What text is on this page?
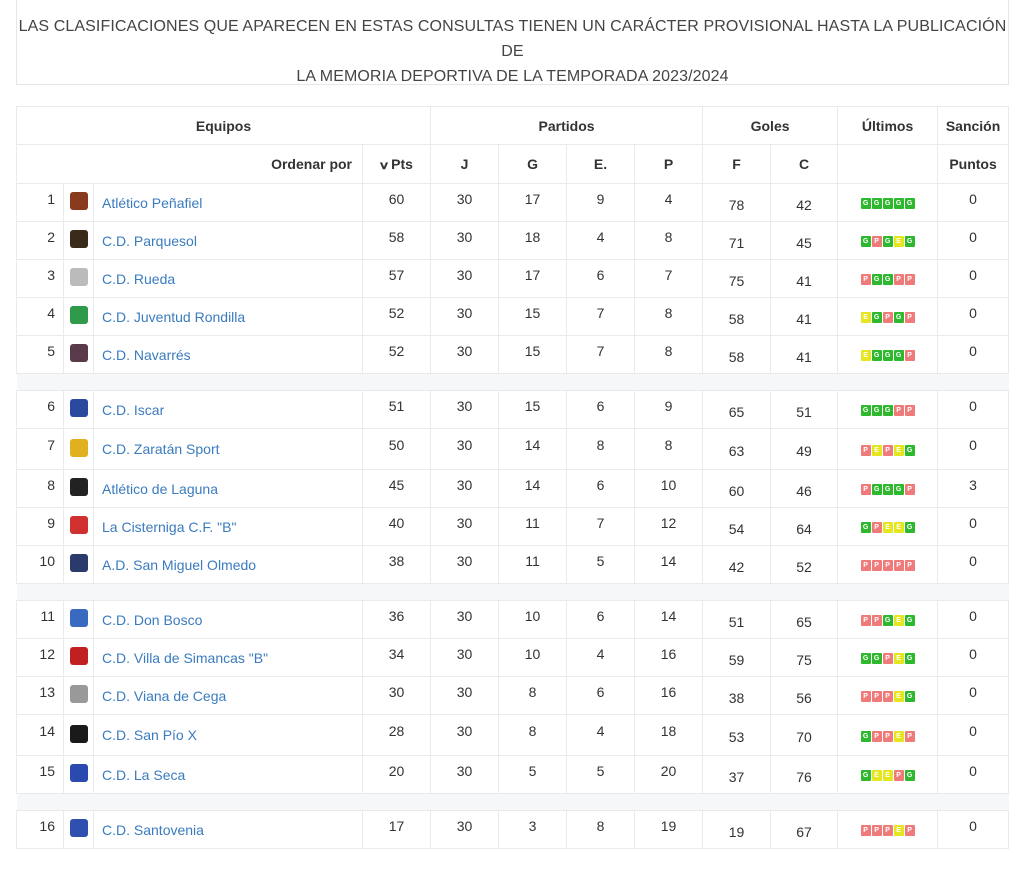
LAS CLASIFICACIONES QUE APARECEN EN ESTAS CONSULTAS TIENEN UN CARÁCTER PROVISIONAL HASTA LA PUBLICACIÓN DE
LA MEMORIA DEPORTIVA DE LA TEMPORADA 2023/2024
Equipos				Partidos				Goles		Últimos	Sanción
Ordenar por			∨Pts	J	G	E.	P	F	C		Puntos
1		Atlético Peñafiel	60	30	17	9	4	78	42	G G G G G	0
2		C.D. Parquesol	58	30	18	4	8	71	45	G P G E G	0
3		C.D. Rueda	57	30	17	6	7	75	41	P G G P P	0
4		C.D. Juventud Rondilla	52	30	15	7	8	58	41	E G P G P	0
5		C.D. Navarrés	52	30	15	7	8	58	41	E G G G P	0

6		C.D. Iscar	51	30	15	6	9	65	51	G G G P P	0
7		C.D. Zaratán Sport	50	30	14	8	8	63	49	P E P E G	0
8		Atlético de Laguna	45	30	14	6	10	60	46	P G G G P	3
9		La Cisterniga C.F. "B"	40	30	11	7	12	54	64	G P E E G	0
10		A.D. San Miguel Olmedo	38	30	11	5	14	42	52	P P P P P	0

11		C.D. Don Bosco	36	30	10	6	14	51	65	P P G E G	0
12		C.D. Villa de Simancas "B"	34	30	10	4	16	59	75	G G P E G	0
13		C.D. Viana de Cega	30	30	8	6	16	38	56	P P P E G	0
14		C.D. San Pío X	28	30	8	4	18	53	70	G P P E P	0
15		C.D. La Seca	20	30	5	5	20	37	76	G E E P G	0

16		C.D. Santovenia	17	30	3	8	19	19	67	P P P E P	0
